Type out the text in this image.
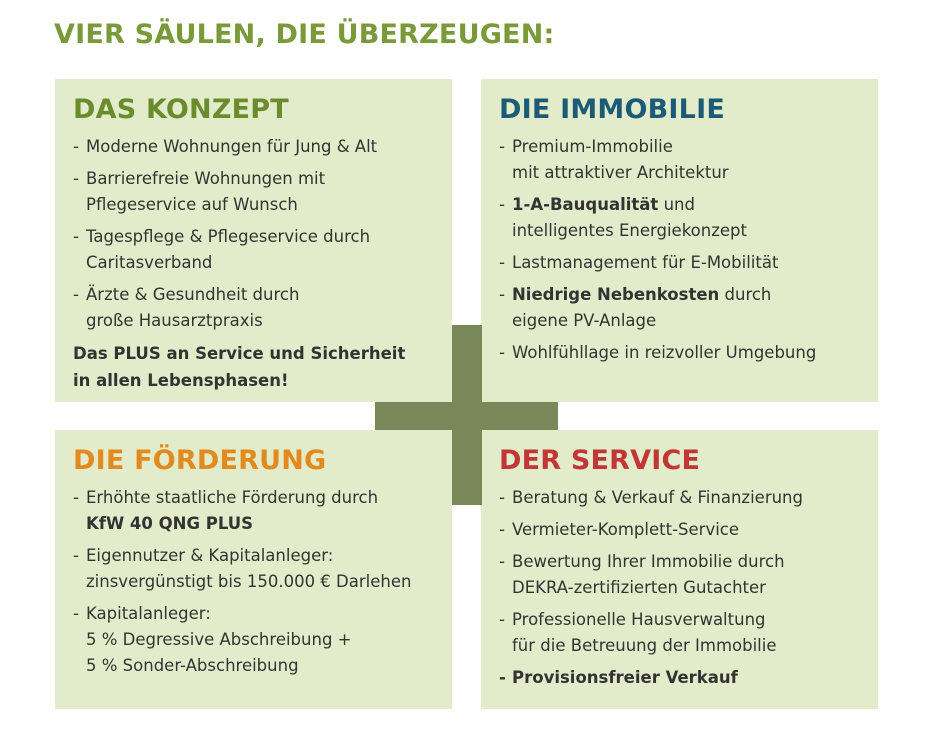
VIER SÄULEN, DIE ÜBERZEUGEN:
DAS KONZEPT
- Moderne Wohnungen für Jung & Alt
- Barrierefreie Wohnungen mit
Pflegeservice auf Wunsch
- Tagespflege & Pflegeservice durch
Caritasverband
- Ärzte & Gesundheit durch
große Hausarztpraxis

Das PLUS an Service und Sicherheit
in allen Lebensphasen!

DIE IMMOBILIE
- Premium-Immobilie
mit attraktiver Architektur
- 1-A-Bauqualität und
intelligentes Energiekonzept
- Lastmanagement für E-Mobilität
- Niedrige Nebenkosten durch
eigene PV-Anlage
- Wohlfühllage in reizvoller Umgebung
DIE FÖRDERUNG
- Erhöhte staatliche Förderung durch
KfW 40 QNG PLUS
- Eigennutzer & Kapitalanleger:
zinsvergünstigt bis 150.000 € Darlehen
- Kapitalanleger:
5 % Degressive Abschreibung +
5 % Sonder-Abschreibung
DER SERVICE
- Beratung & Verkauf & Finanzierung
- Vermieter-Komplett-Service
- Bewertung Ihrer Immobilie durch
DEKRA-zertifizierten Gutachter
- Professionelle Hausverwaltung
für die Betreuung der Immobilie
- Provisionsfreier Verkauf
